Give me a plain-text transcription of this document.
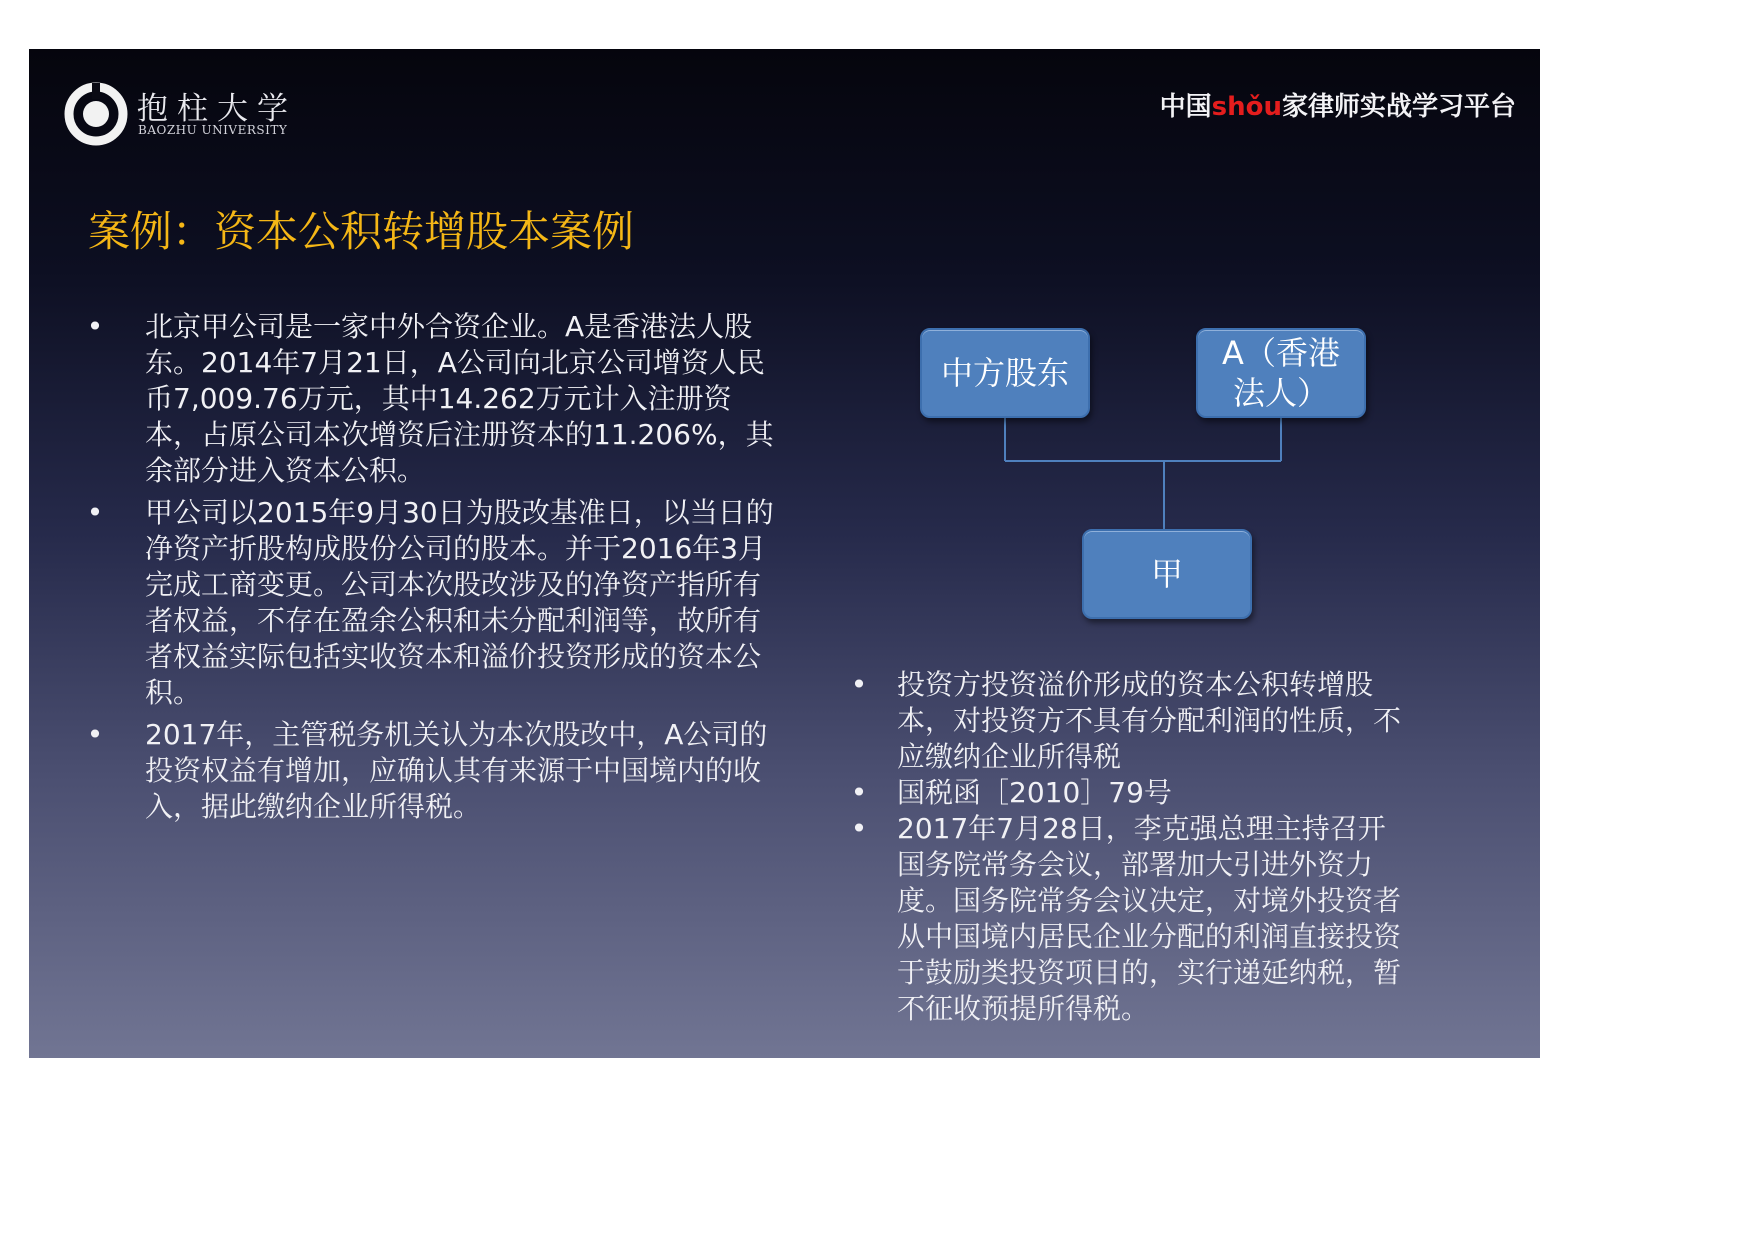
抱柱大学
BAOZHU UNIVERSITY
中国shǒu家律师实战学习平台
案例：资本公积转增股本案例
• 北京甲公司是一家中外合资企业。A是香港法人股东。2014年7月21日，A公司向北京公司增资人民币7,009.76万元，其中14.262万元计入注册资本，占原公司本次增资后注册资本的11.206%，其余部分进入资本公积。
• 甲公司以2015年9月30日为股改基准日，以当日的净资产折股构成股份公司的股本。并于2016年3月完成工商变更。公司本次股改涉及的净资产指所有者权益，不存在盈余公积和未分配利润等，故所有者权益实际包括实收资本和溢价投资形成的资本公积。
• 2017年，主管税务机关认为本次股改中，A公司的投资权益有增加，应确认其有来源于中国境内的收入，据此缴纳企业所得税。
中方股东
A（香港法人）
甲
• 投资方投资溢价形成的资本公积转增股本，对投资方不具有分配利润的性质，不应缴纳企业所得税
• 国税函［2010］79号
• 2017年7月28日，李克强总理主持召开国务院常务会议，部署加大引进外资力度。国务院常务会议决定，对境外投资者从中国境内居民企业分配的利润直接投资于鼓励类投资项目的，实行递延纳税，暂不征收预提所得税。
